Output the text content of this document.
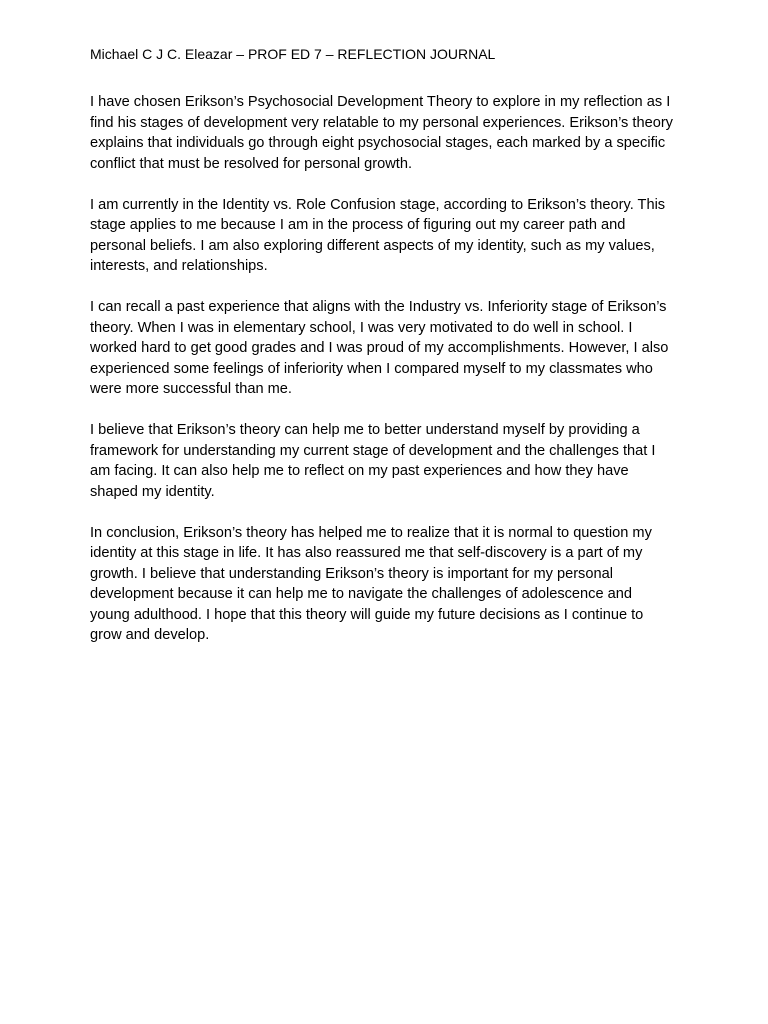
Michael C J C. Eleazar – PROF ED 7 – REFLECTION JOURNAL

I have chosen Erikson’s Psychosocial Development Theory to explore in my reflection as I find his stages of development very relatable to my personal experiences. Erikson’s theory explains that individuals go through eight psychosocial stages, each marked by a specific conflict that must be resolved for personal growth.

I am currently in the Identity vs. Role Confusion stage, according to Erikson’s theory. This stage applies to me because I am in the process of figuring out my career path and personal beliefs. I am also exploring different aspects of my identity, such as my values, interests, and relationships.

I can recall a past experience that aligns with the Industry vs. Inferiority stage of Erikson’s theory. When I was in elementary school, I was very motivated to do well in school. I worked hard to get good grades and I was proud of my accomplishments. However, I also experienced some feelings of inferiority when I compared myself to my classmates who were more successful than me.

I believe that Erikson’s theory can help me to better understand myself by providing a framework for understanding my current stage of development and the challenges that I am facing. It can also help me to reflect on my past experiences and how they have shaped my identity.

In conclusion, Erikson’s theory has helped me to realize that it is normal to question my identity at this stage in life. It has also reassured me that self-discovery is a part of my growth. I believe that understanding Erikson’s theory is important for my personal development because it can help me to navigate the challenges of adolescence and young adulthood. I hope that this theory will guide my future decisions as I continue to grow and develop.
